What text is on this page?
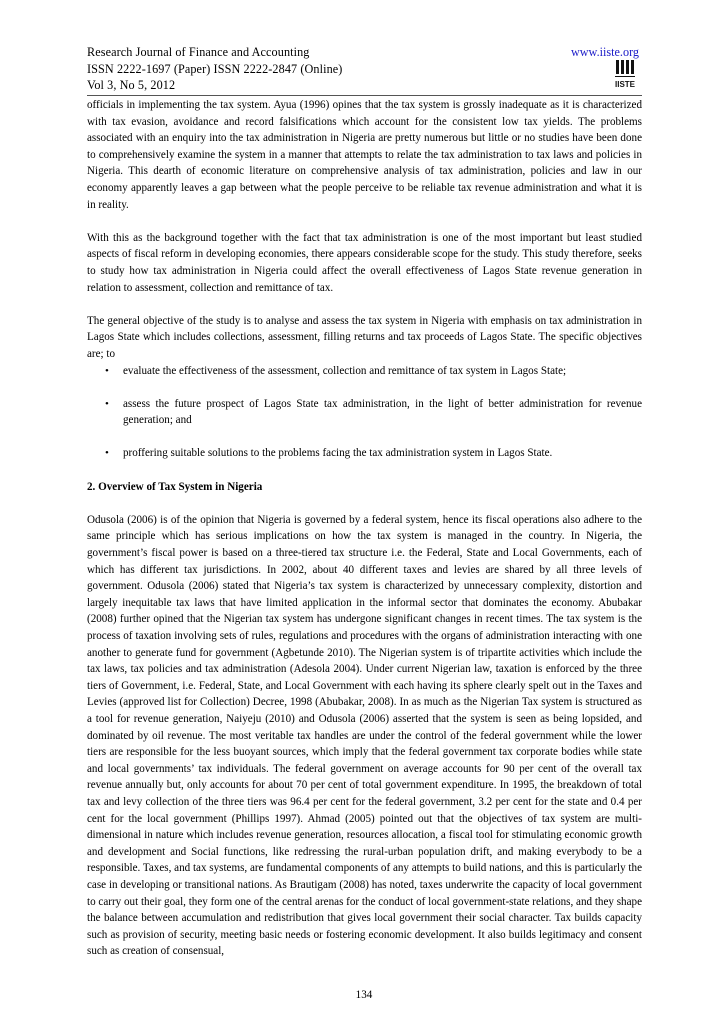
Research Journal of Finance and Accounting
ISSN 2222-1697 (Paper) ISSN 2222-2847 (Online)
Vol 3, No 5, 2012
www.iiste.org
IISTE

officials in implementing the tax system. Ayua (1996) opines that the tax system is grossly inadequate as it is characterized with tax evasion, avoidance and record falsifications which account for the consistent low tax yields. The problems associated with an enquiry into the tax administration in Nigeria are pretty numerous but little or no studies have been done to comprehensively examine the system in a manner that attempts to relate the tax administration to tax laws and policies in Nigeria. This dearth of economic literature on comprehensive analysis of tax administration, policies and law in our economy apparently leaves a gap between what the people perceive to be reliable tax revenue administration and what it is in reality.

With this as the background together with the fact that tax administration is one of the most important but least studied aspects of fiscal reform in developing economies, there appears considerable scope for the study. This study therefore, seeks to study how tax administration in Nigeria could affect the overall effectiveness of Lagos State revenue generation in relation to assessment, collection and remittance of tax.

The general objective of the study is to analyse and assess the tax system in Nigeria with emphasis on tax administration in Lagos State which includes collections, assessment, filling returns and tax proceeds of Lagos State. The specific objectives are; to

•	evaluate the effectiveness of the assessment, collection and remittance of tax system in Lagos State;
•	assess the future prospect of Lagos State tax administration, in the light of better administration for revenue generation; and
•	proffering suitable solutions to the problems facing the tax administration system in Lagos State.

2. Overview of Tax System in Nigeria

Odusola (2006) is of the opinion that Nigeria is governed by a federal system, hence its fiscal operations also adhere to the same principle which has serious implications on how the tax system is managed in the country. In Nigeria, the government’s fiscal power is based on a three-tiered tax structure i.e. the Federal, State and Local Governments, each of which has different tax jurisdictions. In 2002, about 40 different taxes and levies are shared by all three levels of government. Odusola (2006) stated that Nigeria’s tax system is characterized by unnecessary complexity, distortion and largely inequitable tax laws that have limited application in the informal sector that dominates the economy. Abubakar (2008) further opined that the Nigerian tax system has undergone significant changes in recent times. The tax system is the process of taxation involving sets of rules, regulations and procedures with the organs of administration interacting with one another to generate fund for government (Agbetunde 2010). The Nigerian system is of tripartite activities which include the tax laws, tax policies and tax administration (Adesola 2004). Under current Nigerian law, taxation is enforced by the three tiers of Government, i.e. Federal, State, and Local Government with each having its sphere clearly spelt out in the Taxes and Levies (approved list for Collection) Decree, 1998 (Abubakar, 2008). In as much as the Nigerian Tax system is structured as a tool for revenue generation, Naiyeju (2010) and Odusola (2006) asserted that the system is seen as being lopsided, and dominated by oil revenue. The most veritable tax handles are under the control of the federal government while the lower tiers are responsible for the less buoyant sources, which imply that the federal government tax corporate bodies while state and local governments’ tax individuals. The federal government on average accounts for 90 per cent of the overall tax revenue annually but, only accounts for about 70 per cent of total government expenditure. In 1995, the breakdown of total tax and levy collection of the three tiers was 96.4 per cent for the federal government, 3.2 per cent for the state and 0.4 per cent for the local government (Phillips 1997). Ahmad (2005) pointed out that the objectives of tax system are multi-dimensional in nature which includes revenue generation, resources allocation, a fiscal tool for stimulating economic growth and development and Social functions, like redressing the rural-urban population drift, and making everybody to be a responsible. Taxes, and tax systems, are fundamental components of any attempts to build nations, and this is particularly the case in developing or transitional nations. As Brautigam (2008) has noted, taxes underwrite the capacity of local government to carry out their goal, they form one of the central arenas for the conduct of local government-state relations, and they shape the balance between accumulation and redistribution that gives local government their social character. Tax builds capacity such as provision of security, meeting basic needs or fostering economic development. It also builds legitimacy and consent such as creation of consensual,

134
